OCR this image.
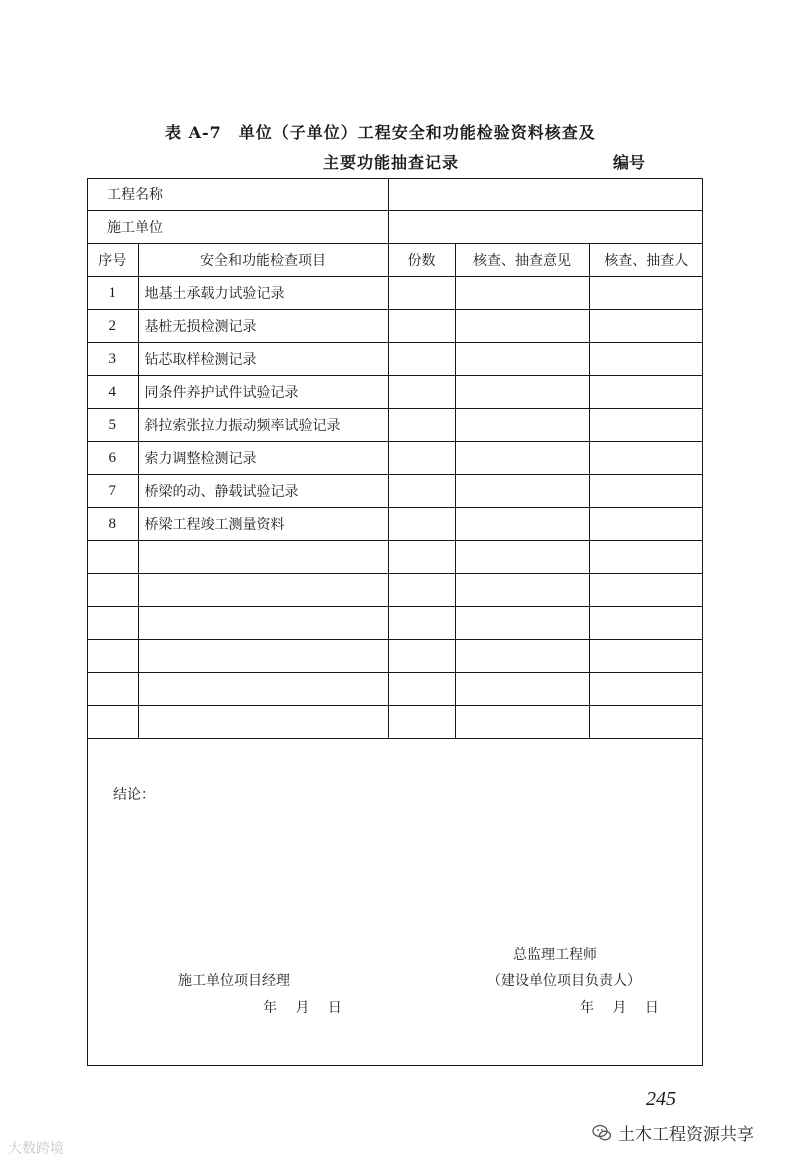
表 A-7　单位（子单位）工程安全和功能检验资料核查及
主要功能抽查记录	编号
工程名称				
施工单位				
序号	安全和功能检查项目	份数	核查、抽查意见	核查、抽查人
1	地基土承载力试验记录			
2	基桩无损检测记录			
3	钻芯取样检测记录			
4	同条件养护试件试验记录			
5	斜拉索张拉力振动频率试验记录			
6	索力调整检测记录			
7	桥梁的动、静载试验记录			
8	桥梁工程竣工测量资料			

结论：
总监理工程师
施工单位项目经理	（建设单位项目负责人）
年 月 日	年 月 日
245
大数跨境
土木工程资源共享
